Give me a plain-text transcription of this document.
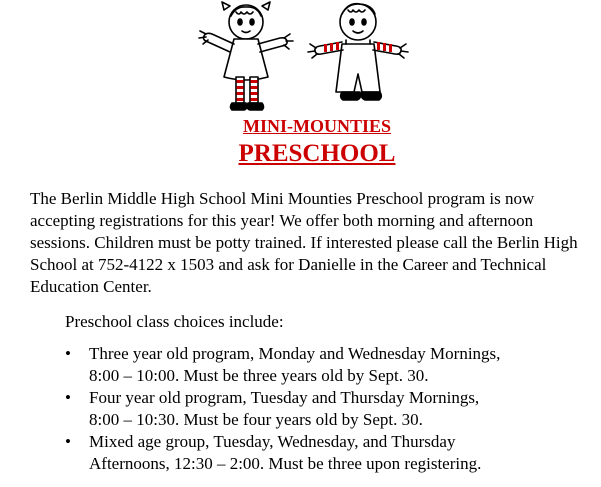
MINI-MOUNTIES
PRESCHOOL

The Berlin Middle High School Mini Mounties Preschool program is now accepting registrations for this year! We offer both morning and afternoon sessions. Children must be potty trained. If interested please call the Berlin High School at 752-4122 x 1503 and ask for Danielle in the Career and Technical Education Center.

Preschool class choices include:

•	Three year old program, Monday and Wednesday Mornings,
8:00 – 10:00. Must be three years old by Sept. 30.
•	Four year old program, Tuesday and Thursday Mornings,
8:00 – 10:30. Must be four years old by Sept. 30.
•	Mixed age group, Tuesday, Wednesday, and Thursday
Afternoons, 12:30 – 2:00. Must be three upon registering.
